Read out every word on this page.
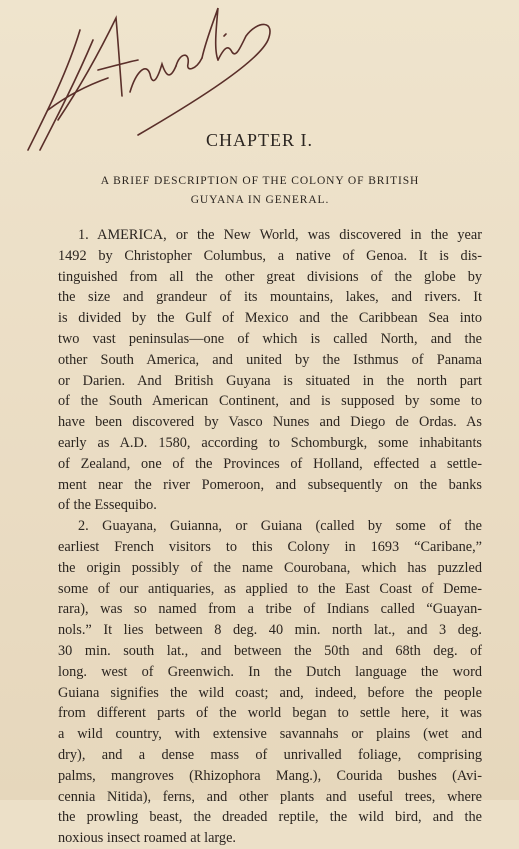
CHAPTER I.
A BRIEF DESCRIPTION OF THE COLONY OF BRITISH
GUYANA IN GENERAL.
1. AMERICA, or the New World, was discovered in the year
1492 by Christopher Columbus, a native of Genoa. It is dis-
tinguished from all the other great divisions of the globe by
the size and grandeur of its mountains, lakes, and rivers. It
is divided by the Gulf of Mexico and the Caribbean Sea into
two vast peninsulas—one of which is called North, and the
other South America, and united by the Isthmus of Panama
or Darien. And British Guyana is situated in the north part
of the South American Continent, and is supposed by some to
have been discovered by Vasco Nunes and Diego de Ordas. As
early as A.D. 1580, according to Schomburgk, some inhabitants
of Zealand, one of the Provinces of Holland, effected a settle-
ment near the river Pomeroon, and subsequently on the banks
of the Essequibo.
2. Guayana, Guianna, or Guiana (called by some of the
earliest French visitors to this Colony in 1693 “Caribane,”
the origin possibly of the name Courobana, which has puzzled
some of our antiquaries, as applied to the East Coast of Deme-
rara), was so named from a tribe of Indians called “Guayan-
nols.” It lies between 8 deg. 40 min. north lat., and 3 deg.
30 min. south lat., and between the 50th and 68th deg. of
long. west of Greenwich. In the Dutch language the word
Guiana signifies the wild coast; and, indeed, before the people
from different parts of the world began to settle here, it was
a wild country, with extensive savannahs or plains (wet and
dry), and a dense mass of unrivalled foliage, comprising
palms, mangroves (Rhizophora Mang.), Courida bushes (Avi-
cennia Nitida), ferns, and other plants and useful trees, where
the prowling beast, the dreaded reptile, the wild bird, and the
noxious insect roamed at large.
